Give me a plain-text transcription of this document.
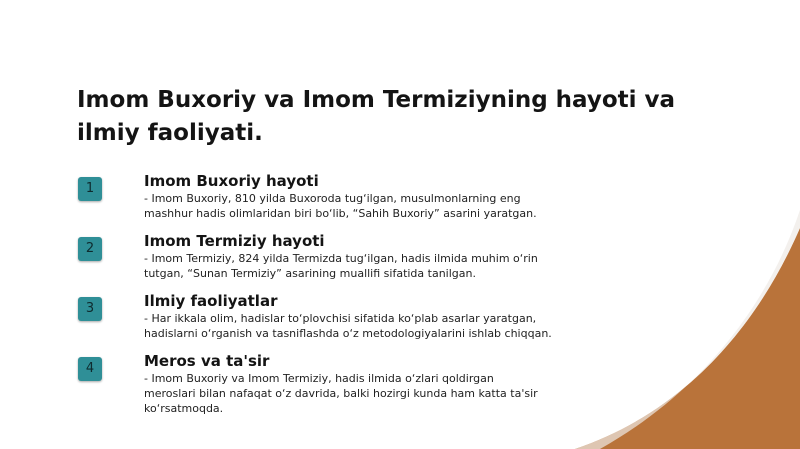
Imom Buxoriy va Imom Termiziyning hayoti va ilmiy faoliyati.
1	Imom Buxoriy hayoti
- Imom Buxoriy, 810 yilda Buxoroda tug‘ilgan, musulmonlarning eng
mashhur hadis olimlaridan biri bo‘lib, “Sahih Buxoriy” asarini yaratgan.
2	Imom Termiziy hayoti
- Imom Termiziy, 824 yilda Termizda tug‘ilgan, hadis ilmida muhim o‘rin
tutgan, “Sunan Termiziy” asarining muallifi sifatida tanilgan.
3	Ilmiy faoliyatlar
- Har ikkala olim, hadislar to‘plovchisi sifatida ko‘plab asarlar yaratgan,
hadislarni o‘rganish va tasniflashda o‘z metodologiyalarini ishlab chiqqan.
4	Meros va ta'sir
- Imom Buxoriy va Imom Termiziy, hadis ilmida o‘zlari qoldirgan
meroslari bilan nafaqat o‘z davrida, balki hozirgi kunda ham katta ta'sir
ko‘rsatmoqda.
